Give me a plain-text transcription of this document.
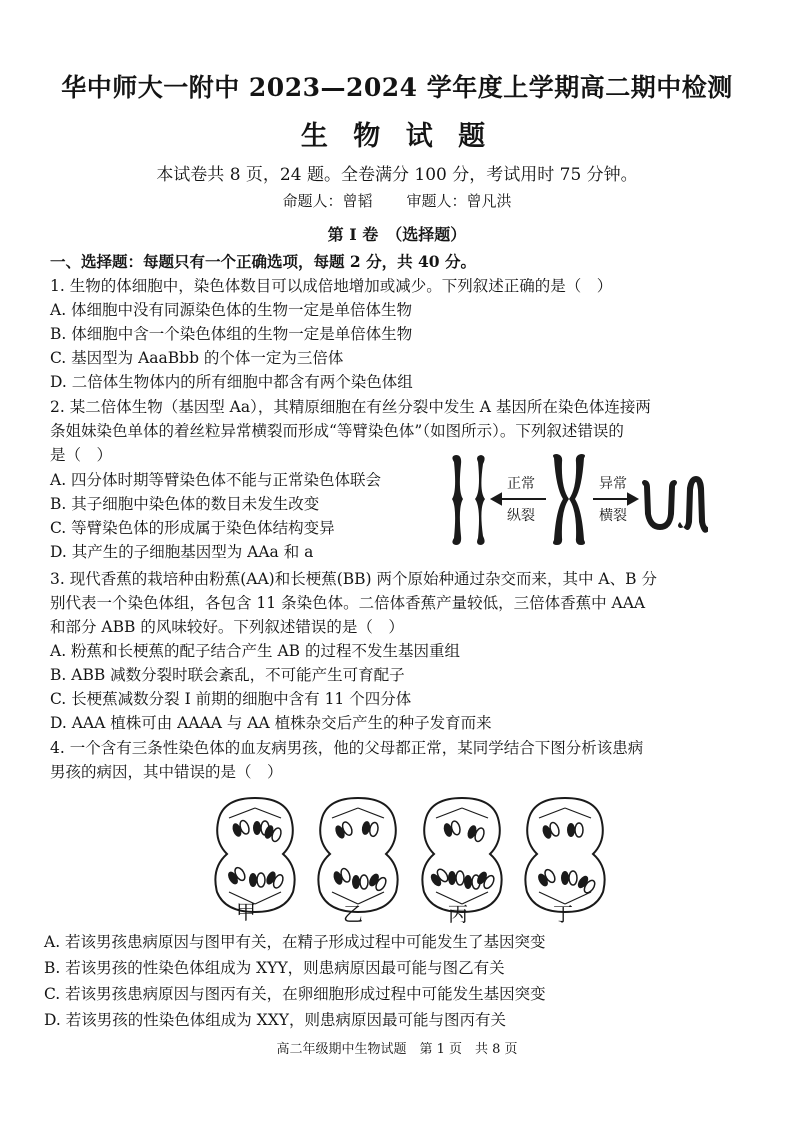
华中师大一附中 2023—2024 学年度上学期高二期中检测
生 物 试 题
本试卷共 8 页，24 题。全卷满分 100 分，考试用时 75 分钟。
命题人：曾韬 审题人：曾凡洪
第 I 卷　（选择题）
一、选择题：每题只有一个正确选项，每题 2 分，共 40 分。
1. 生物的体细胞中，染色体数目可以成倍地增加或减少。下列叙述正确的是（　）
A. 体细胞中没有同源染色体的生物一定是单倍体生物
B. 体细胞中含一个染色体组的生物一定是单倍体生物
C. 基因型为 AaaBbb 的个体一定为三倍体
D. 二倍体生物体内的所有细胞中都含有两个染色体组
2. 某二倍体生物（基因型 Aa），其精原细胞在有丝分裂中发生 A 基因所在染色体连接两
条姐妹染色单体的着丝粒异常横裂而形成“等臂染色体”（如图所示）。下列叙述错误的
是（　）
A. 四分体时期等臂染色体不能与正常染色体联会
B. 其子细胞中染色体的数目未发生改变
C. 等臂染色体的形成属于染色体结构变异
D. 其产生的子细胞基因型为 AAa 和 a
正常
纵裂
异常
横裂
3. 现代香蕉的栽培种由粉蕉(AA)和长梗蕉(BB) 两个原始种通过杂交而来，其中 A、B 分
别代表一个染色体组，各包含 11 条染色体。二倍体香蕉产量较低，三倍体香蕉中 AAA
和部分 ABB 的风味较好。下列叙述错误的是（　）
A. 粉蕉和长梗蕉的配子结合产生 AB 的过程不发生基因重组
B. ABB 减数分裂时联会紊乱，不可能产生可育配子
C. 长梗蕉减数分裂 I 前期的细胞中含有 11 个四分体
D. AAA 植株可由 AAAA 与 AA 植株杂交后产生的种子发育而来
4. 一个含有三条性染色体的血友病男孩，他的父母都正常，某同学结合下图分析该患病
男孩的病因，其中错误的是（　）
甲	乙	丙	丁
A. 若该男孩患病原因与图甲有关，在精子形成过程中可能发生了基因突变
B. 若该男孩的性染色体组成为 XYY，则患病原因最可能与图乙有关
C. 若该男孩患病原因与图丙有关，在卵细胞形成过程中可能发生基因突变
D. 若该男孩的性染色体组成为 XXY，则患病原因最可能与图丙有关
高二年级期中生物试题　第 1 页　共 8 页
